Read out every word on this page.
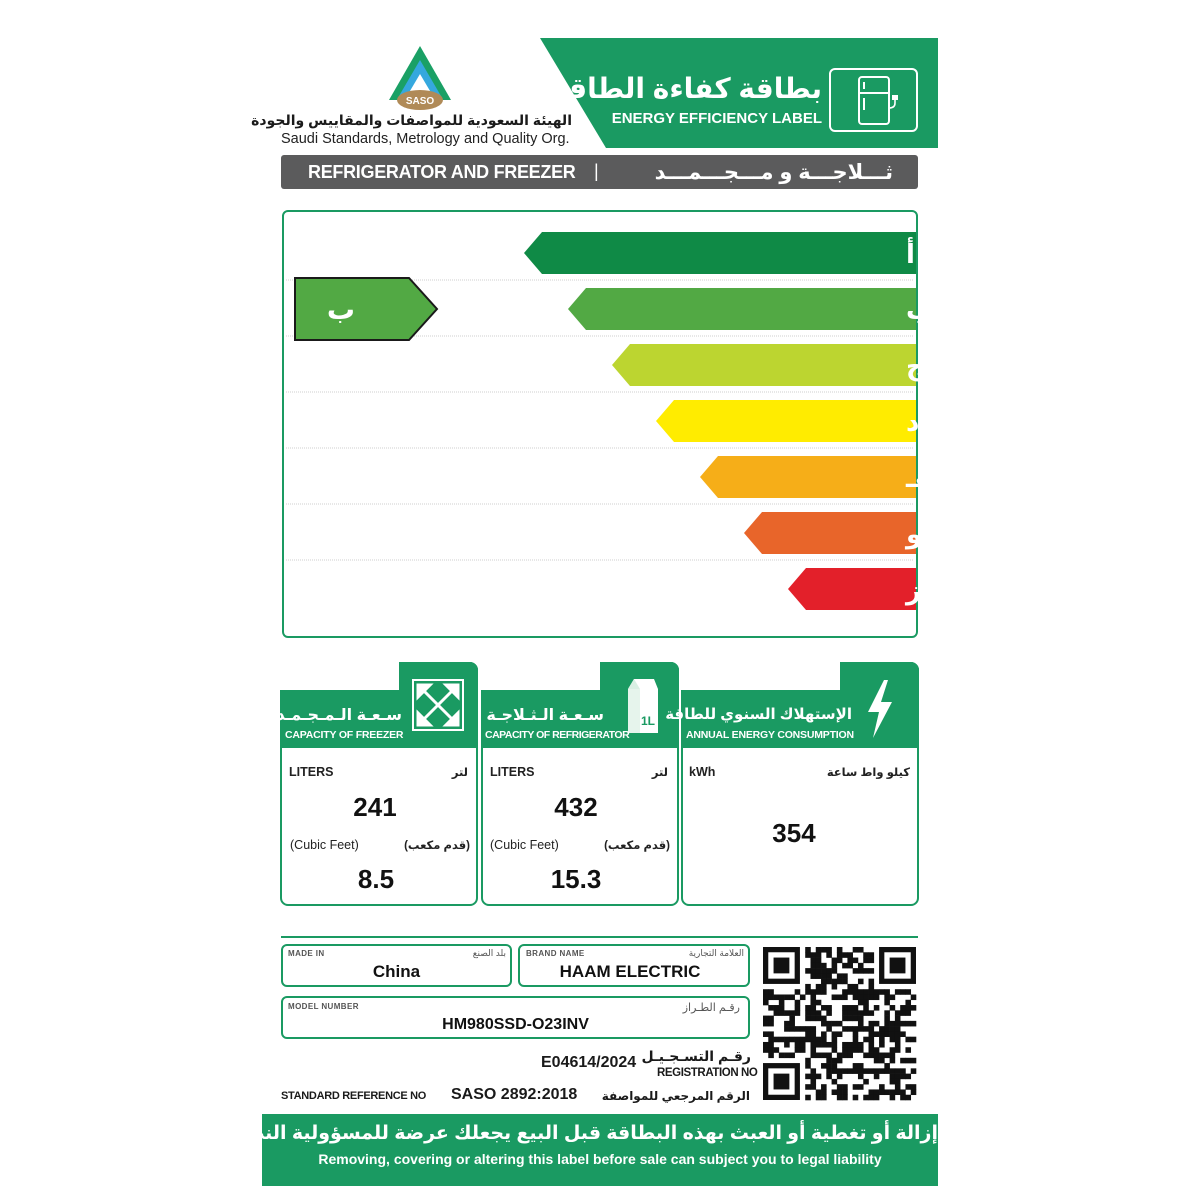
SASO
الهيئة السعودية للمواصفات والمقاييس والجودة
Saudi Standards, Metrology and Quality Org.
بطاقة كفاءة الطاقة
ENERGY EFFICIENCY LABEL
REFRIGERATOR AND FREEZER |	ثـــلاجـــة و مـــجـــمـــد
أ
ب
ج
د
هـ
و
ز
ب
سـعـة الـمـجـمـد
CAPACITY OF FREEZER
LITERS	لتر
241
(Cubic Feet)	(قدم مكعب)
8.5
1L
سـعـة الـثـلاجـة
CAPACITY OF REFRIGERATOR
LITERS	لتر
432
(Cubic Feet)	(قدم مكعب)
15.3
الإستهلاك السنوي للطاقة
ANNUAL ENERGY CONSUMPTION
kWh	كيلو واط ساعة
354
MADE IN	بلد الصنع
China
BRAND NAME	العلامة التجارية
HAAM ELECTRIC
MODEL NUMBER	رقـم الطـراز
HM980SSD-O23INV
E04614/2024 رقـم التسـجـيـل
REGISTRATION NO
STANDARD REFERENCE NO SASO 2892:2018 الرقم المرجعي للمواصفة
إزالة أو تغطية أو العبث بهذه البطاقة قبل البيع يجعلك عرضة للمسؤولية النظامية
Removing, covering or altering this label before sale can subject you to legal liability
